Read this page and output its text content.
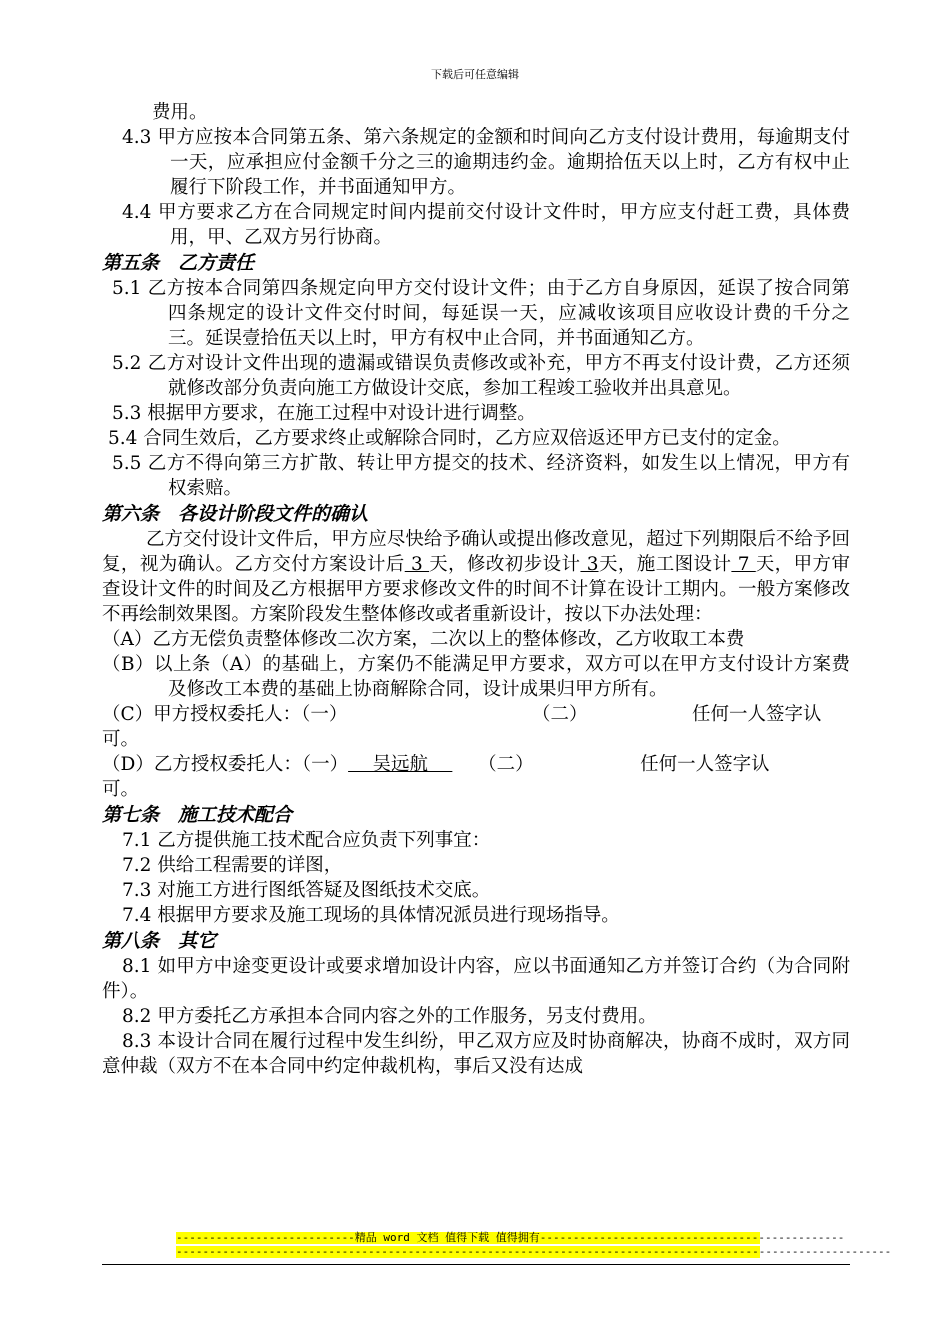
下载后可任意编辑

费用。

4.3 甲方应按本合同第五条、第六条规定的金额和时间向乙方支付设计费用，每逾期支付一天，应承担应付金额千分之三的逾期违约金。逾期拾伍天以上时，乙方有权中止履行下阶段工作，并书面通知甲方。

4.4 甲方要求乙方在合同规定时间内提前交付设计文件时，甲方应支付赶工费，具体费用，甲、乙双方另行协商。

第五条　乙方责任

5.1 乙方按本合同第四条规定向甲方交付设计文件；由于乙方自身原因，延误了按合同第四条规定的设计文件交付时间，每延误一天，应减收该项目应收设计费的千分之三。延误壹拾伍天以上时，甲方有权中止合同，并书面通知乙方。

5.2 乙方对设计文件出现的遗漏或错误负责修改或补充，甲方不再支付设计费，乙方还须就修改部分负责向施工方做设计交底，参加工程竣工验收并出具意见。

5.3 根据甲方要求，在施工过程中对设计进行调整。

5.4 合同生效后，乙方要求终止或解除合同时，乙方应双倍返还甲方已支付的定金。

5.5 乙方不得向第三方扩散、转让甲方提交的技术、经济资料，如发生以上情况，甲方有权索赔。

第六条　各设计阶段文件的确认

乙方交付设计文件后，甲方应尽快给予确认或提出修改意见，超过下列期限后不给予回复，视为确认。乙方交付方案设计后 3 天，修改初步设计 3天，施工图设计 7 天，甲方审查设计文件的时间及乙方根据甲方要求修改文件的时间不计算在设计工期内。一般方案修改不再绘制效果图。方案阶段发生整体修改或者重新设计，按以下办法处理：

（A）乙方无偿负责整体修改二次方案，二次以上的整体修改，乙方收取工本费

（B）以上条（A）的基础上，方案仍不能满足甲方要求，双方可以在甲方支付设计方案费及修改工本费的基础上协商解除合同，设计成果归甲方所有。

（C）甲方授权委托人：（一）	（二）	任何一人签字认

可。

（D）乙方授权委托人：（一） 　 吴远航 　	（二）	任何一人签字认

可。

第七条　施工技术配合

7.1 乙方提供施工技术配合应负责下列事宜：

7.2 供给工程需要的详图，

7.3 对施工方进行图纸答疑及图纸技术交底。

7.4 根据甲方要求及施工现场的具体情况派员进行现场指导。

第八条　其它

8.1 如甲方中途变更设计或要求增加设计内容，应以书面通知乙方并签订合约（为合同附件）。

8.2 甲方委托乙方承担本合同内容之外的工作服务，另支付费用。

8.3 本设计合同在履行过程中发生纠纷，甲乙双方应及时协商解决，协商不成时，双方同意仲裁（双方不在本合同中约定仲裁机构，事后又没有达成

---------------------------精品 word 文档 值得下载 值得拥有----------------------------------------------
------------------------------------------------------------------------------------------------------------
